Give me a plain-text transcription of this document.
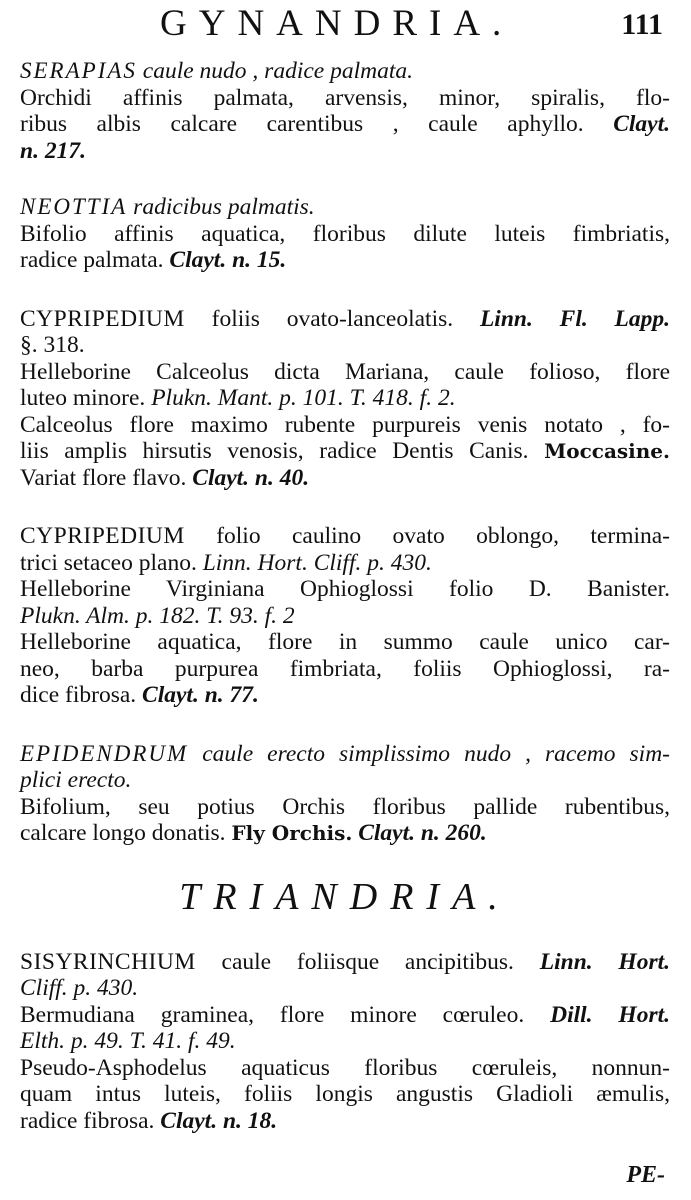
GYNANDRIA.	111
SERAPIAS caule nudo , radice palmata.
Orchidi affinis palmata, arvensis, minor, spiralis, flo-
ribus albis calcare carentibus , caule aphyllo. Clayt.
n. 217.
NEOTTIA radicibus palmatis.
Bifolio affinis aquatica, floribus dilute luteis fimbriatis,
radice palmata. Clayt. n. 15.
CYPRIPEDIUM foliis ovato-lanceolatis. Linn. Fl. Lapp.
§. 318.
Helleborine Calceolus dicta Mariana, caule folioso, flore
luteo minore. Plukn. Mant. p. 101. T. 418. f. 2.
Calceolus flore maximo rubente purpureis venis notato , fo-
liis amplis hirsutis venosis, radice Dentis Canis. Moccasine.
Variat flore flavo. Clayt. n. 40.
CYPRIPEDIUM folio caulino ovato oblongo, termina-
trici setaceo plano. Linn. Hort. Cliff. p. 430.
Helleborine Virginiana Ophioglossi folio D. Banister.
Plukn. Alm. p. 182. T. 93. f. 2
Helleborine aquatica, flore in summo caule unico car-
neo, barba purpurea fimbriata, foliis Ophioglossi, ra-
dice fibrosa. Clayt. n. 77.
EPIDENDRUM caule erecto simplissimo nudo , racemo sim-
plici erecto.
Bifolium, seu potius Orchis floribus pallide rubentibus,
calcare longo donatis. Fly Orchis. Clayt. n. 260.
TRIANDRIA.
SISYRINCHIUM caule foliisque ancipitibus. Linn. Hort.
Cliff. p. 430.
Bermudiana graminea, flore minore cœruleo. Dill. Hort.
Elth. p. 49. T. 41. f. 49.
Pseudo-Asphodelus aquaticus floribus cœruleis, nonnun-
quam intus luteis, foliis longis angustis Gladioli æmulis,
radice fibrosa. Clayt. n. 18.
PE-
